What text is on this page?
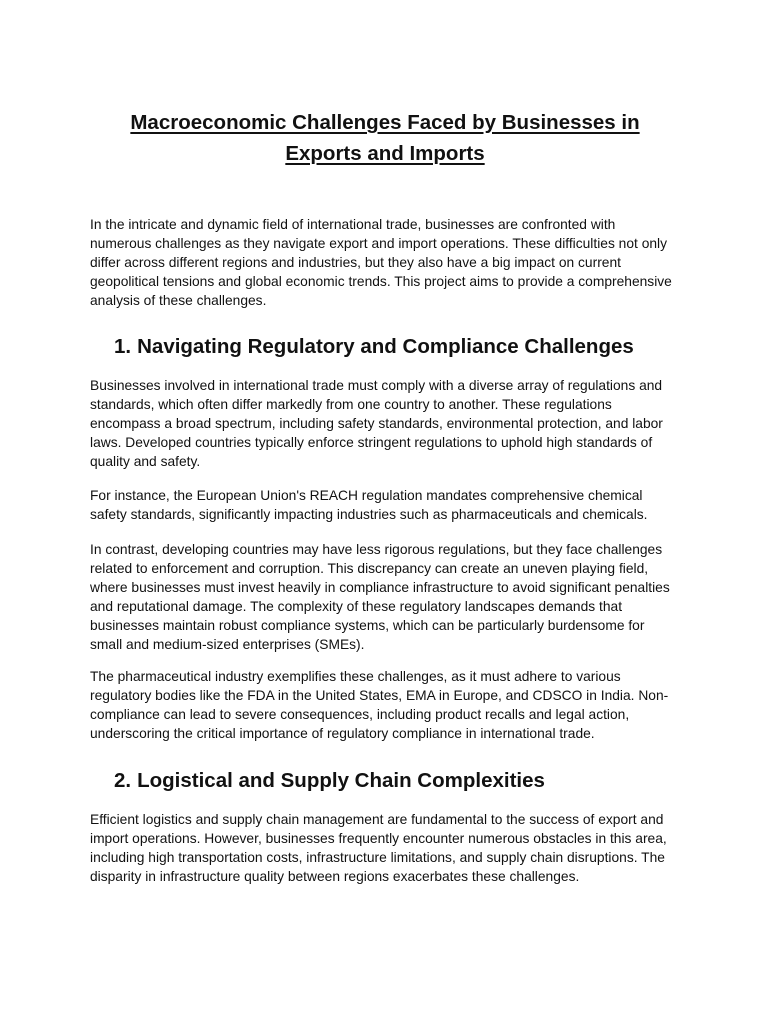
Macroeconomic Challenges Faced by Businesses in Exports and Imports

In the intricate and dynamic field of international trade, businesses are confronted with numerous challenges as they navigate export and import operations. These difficulties not only differ across different regions and industries, but they also have a big impact on current geopolitical tensions and global economic trends. This project aims to provide a comprehensive analysis of these challenges.

1. Navigating Regulatory and Compliance Challenges

Businesses involved in international trade must comply with a diverse array of regulations and standards, which often differ markedly from one country to another. These regulations encompass a broad spectrum, including safety standards, environmental protection, and labor laws. Developed countries typically enforce stringent regulations to uphold high standards of quality and safety.

For instance, the European Union's REACH regulation mandates comprehensive chemical safety standards, significantly impacting industries such as pharmaceuticals and chemicals.

In contrast, developing countries may have less rigorous regulations, but they face challenges related to enforcement and corruption. This discrepancy can create an uneven playing field, where businesses must invest heavily in compliance infrastructure to avoid significant penalties and reputational damage. The complexity of these regulatory landscapes demands that businesses maintain robust compliance systems, which can be particularly burdensome for small and medium-sized enterprises (SMEs).

The pharmaceutical industry exemplifies these challenges, as it must adhere to various regulatory bodies like the FDA in the United States, EMA in Europe, and CDSCO in India. Non-compliance can lead to severe consequences, including product recalls and legal action, underscoring the critical importance of regulatory compliance in international trade.

2. Logistical and Supply Chain Complexities

Efficient logistics and supply chain management are fundamental to the success of export and import operations. However, businesses frequently encounter numerous obstacles in this area, including high transportation costs, infrastructure limitations, and supply chain disruptions. The disparity in infrastructure quality between regions exacerbates these challenges.
